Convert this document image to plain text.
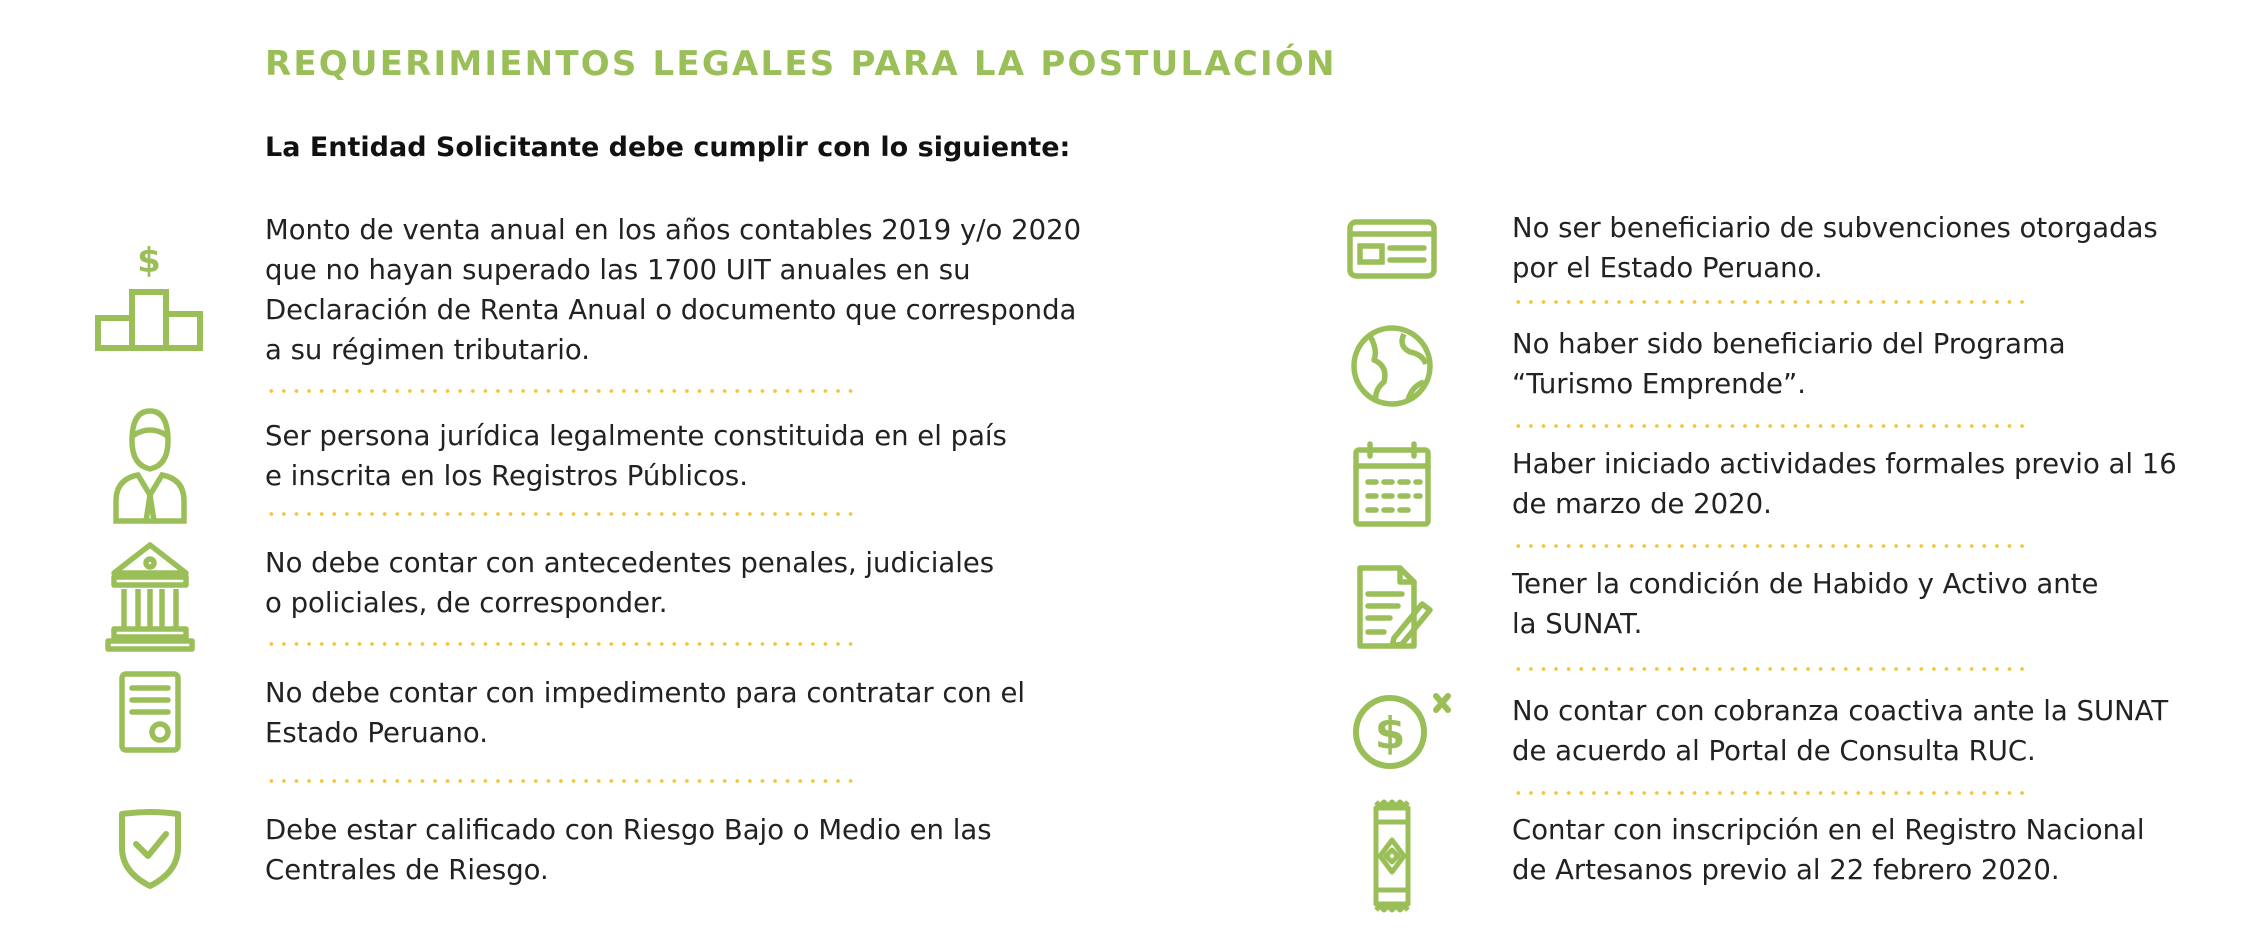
REQUERIMIENTOS LEGALES PARA LA POSTULACIÓN
La Entidad Solicitante debe cumplir con lo siguiente:
$
Monto de venta anual en los años contables 2019 y/o 2020
que no hayan superado las 1700 UIT anuales en su
Declaración de Renta Anual o documento que corresponda
a su régimen tributario.
Ser persona jurídica legalmente constituida en el país
e inscrita en los Registros Públicos.
No debe contar con antecedentes penales, judiciales
o policiales, de corresponder.
No debe contar con impedimento para contratar con el
Estado Peruano.
Debe estar calificado con Riesgo Bajo o Medio en las
Centrales de Riesgo.
No ser beneficiario de subvenciones otorgadas
por el Estado Peruano.
No haber sido beneficiario del Programa
“Turismo Emprende”.
Haber iniciado actividades formales previo al 16
de marzo de 2020.
Tener la condición de Habido y Activo ante
la SUNAT.
$	No contar con cobranza coactiva ante la SUNAT
de acuerdo al Portal de Consulta RUC.
Contar con inscripción en el Registro Nacional
de Artesanos previo al 22 febrero 2020.
